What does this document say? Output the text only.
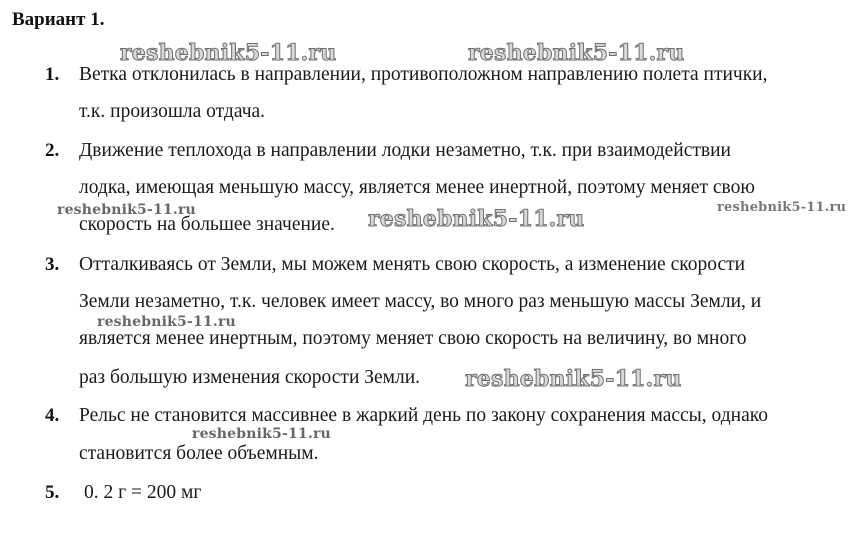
Вариант 1.
reshebnik5-11.ru	reshebnik5-11.ru
reshebnik5-11.ru	reshebnik5-11.ru	reshebnik5-11.ru
reshebnik5-11.ru
reshebnik5-11.ru
reshebnik5-11.ru
1. Ветка отклонилась в направлении, противоположном направлению полета птички,
т.к. произошла отдача.
2. Движение теплохода в направлении лодки незаметно, т.к. при взаимодействии
лодка, имеющая меньшую массу, является менее инертной, поэтому меняет свою
скорость на большее значение.
3. Отталкиваясь от Земли, мы можем менять свою скорость, а изменение скорости
Земли незаметно, т.к. человек имеет массу, во много раз меньшую массы Земли, и
является менее инертным, поэтому меняет свою скорость на величину, во много
раз большую изменения скорости Земли.
4. Рельс не становится массивнее в жаркий день по закону сохранения массы, однако
становится более объемным.
5. 0. 2 г = 200 мг
